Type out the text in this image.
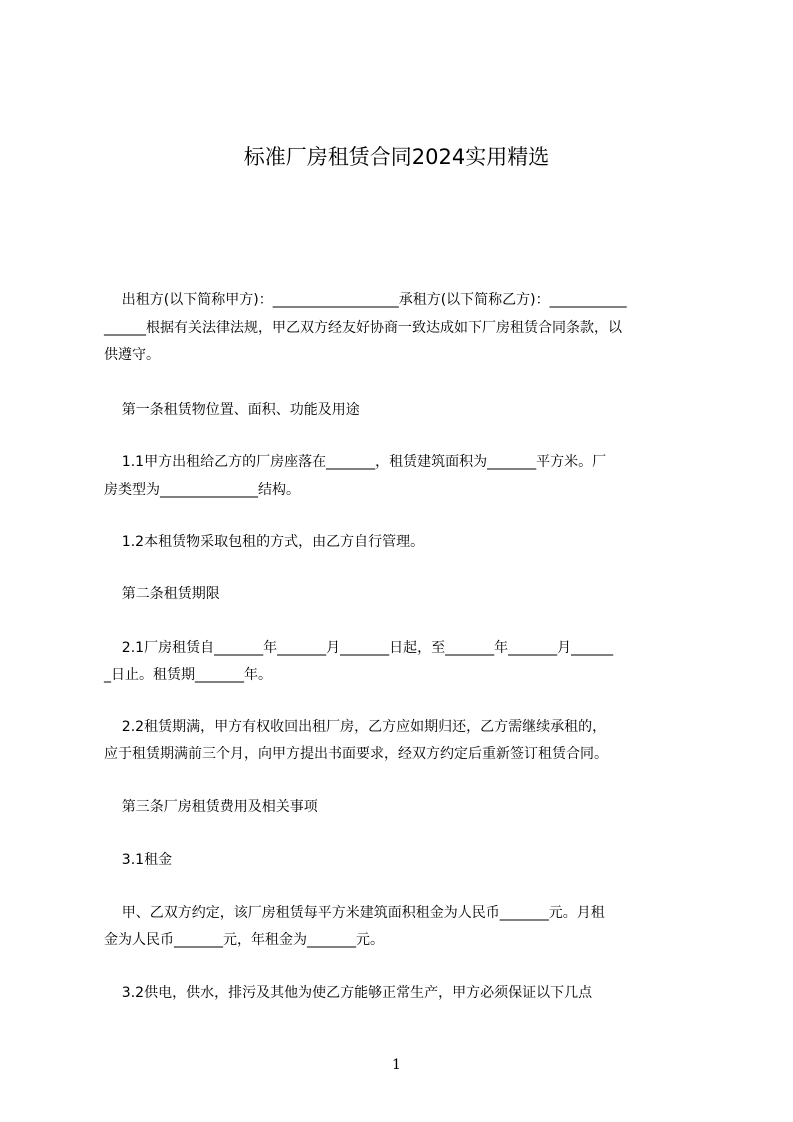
标准厂房租赁合同2024实用精选
出租方(以下简称甲方)：__________________承租方(以下简称乙方)：___________
______根据有关法律法规，甲乙双方经友好协商一致达成如下厂房租赁合同条款，以
供遵守。
第一条租赁物位置、面积、功能及用途
1.1甲方出租给乙方的厂房座落在_______，租赁建筑面积为_______平方米。厂
房类型为______________结构。
1.2本租赁物采取包租的方式，由乙方自行管理。
第二条租赁期限
2.1厂房租赁自_______年_______月_______日起，至_______年_______月______
_日止。租赁期_______年。
2.2租赁期满，甲方有权收回出租厂房，乙方应如期归还，乙方需继续承租的，
应于租赁期满前三个月，向甲方提出书面要求，经双方约定后重新签订租赁合同。
第三条厂房租赁费用及相关事项
3.1租金
甲、乙双方约定，该厂房租赁每平方米建筑面积租金为人民币_______元。月租
金为人民币_______元，年租金为_______元。
3.2供电，供水，排污及其他为使乙方能够正常生产，甲方必须保证以下几点
1
